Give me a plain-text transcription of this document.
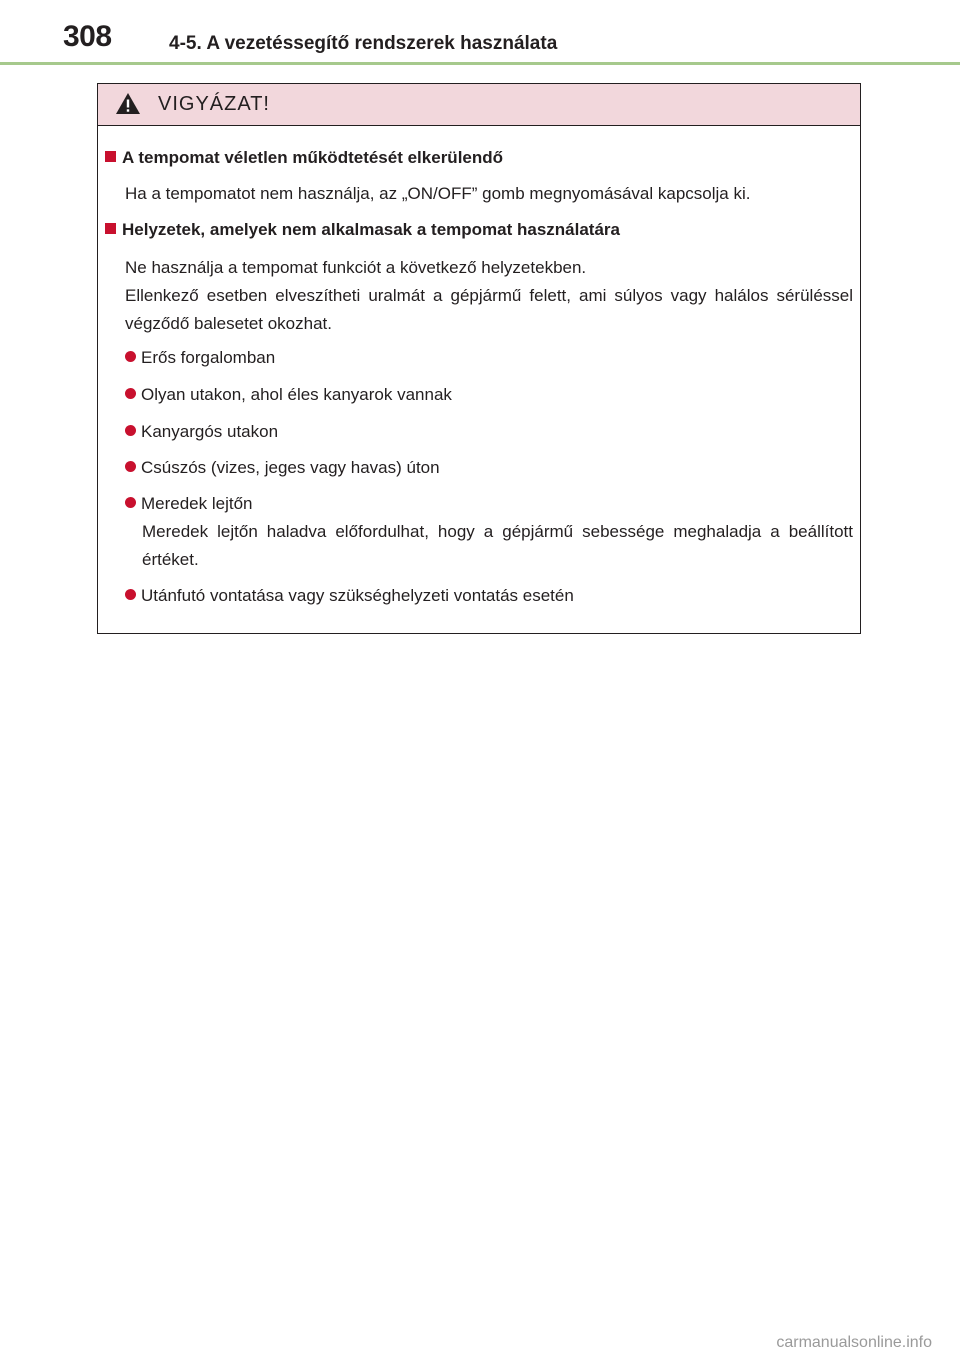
308	4-5. A vezetéssegítő rendszerek használata
VIGYÁZAT!
A tempomat véletlen működtetését elkerülendő
Ha a tempomatot nem használja, az „ON/OFF” gomb megnyomásával kapcsolja ki.
Helyzetek, amelyek nem alkalmasak a tempomat használatára
Ne használja a tempomat funkciót a következő helyzetekben.
Ellenkező esetben elveszítheti uralmát a gépjármű felett, ami súlyos vagy halálos sérüléssel végződő balesetet okozhat.
Erős forgalomban
Olyan utakon, ahol éles kanyarok vannak
Kanyargós utakon
Csúszós (vizes, jeges vagy havas) úton
Meredek lejtőn
Meredek lejtőn haladva előfordulhat, hogy a gépjármű sebessége meghaladja a beállított értéket.
Utánfutó vontatása vagy szükséghelyzeti vontatás esetén
carmanualsonline.info
